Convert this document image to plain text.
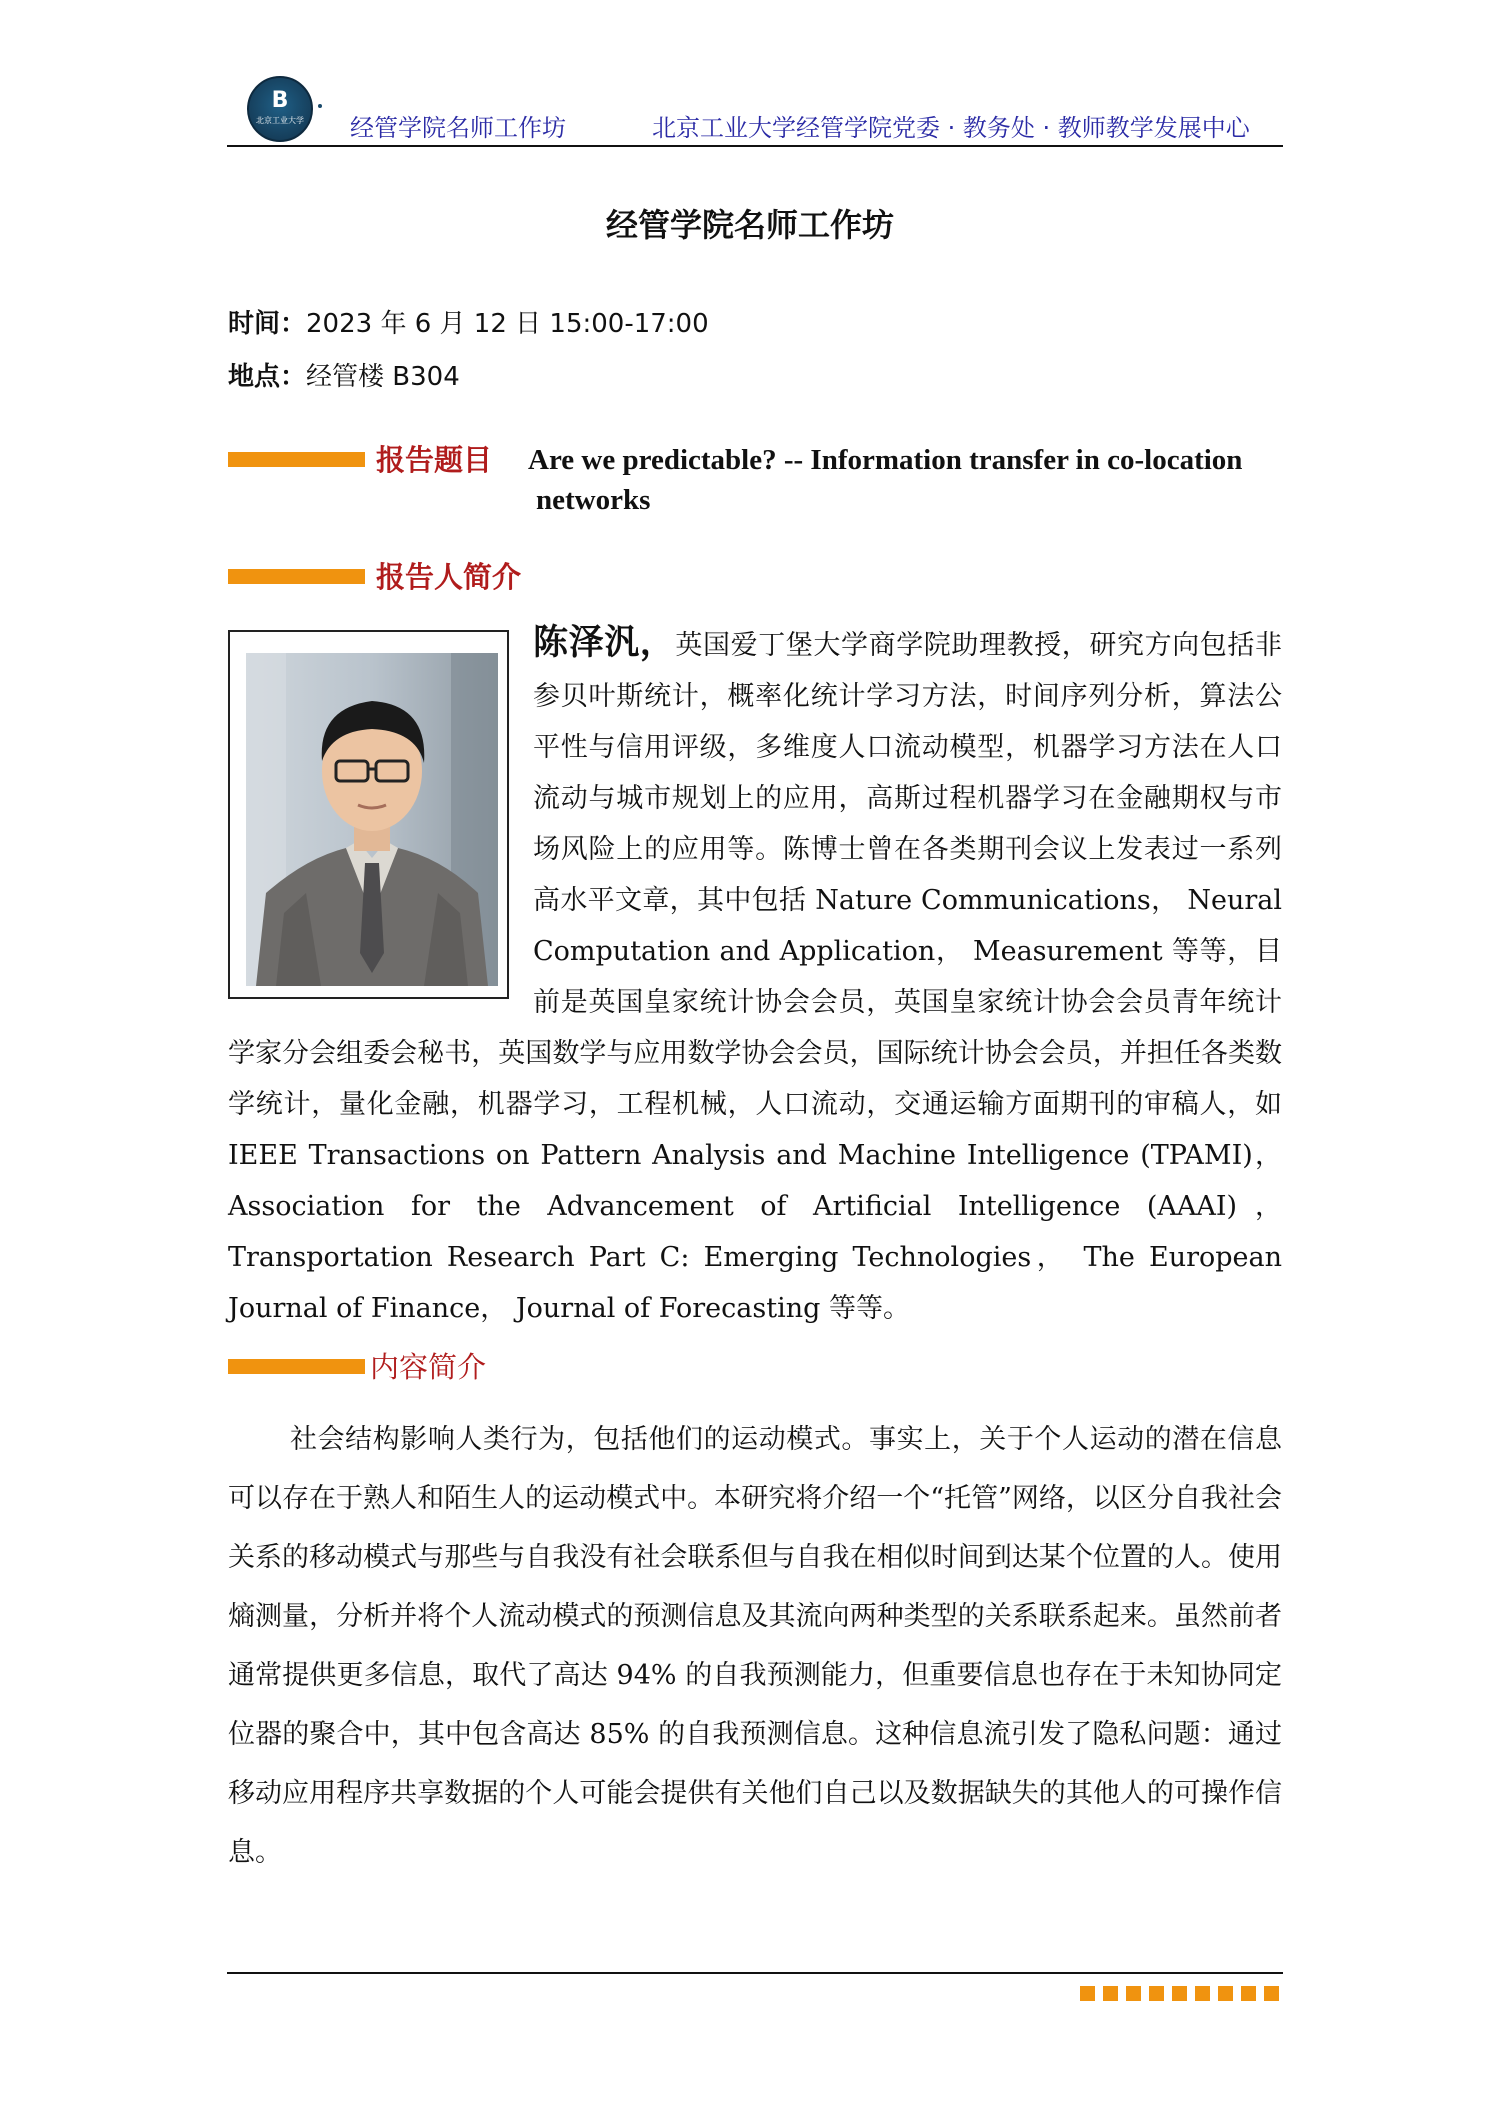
B
北京工业大学 经管学院名师工作坊	北京工业大学经管学院党委 · 教务处 · 教师教学发展中心
经管学院名师工作坊
时间：2023 年 6 月 12 日 15:00-17:00
地点：经管楼 B304
报告题目 Are we predictable? -- Information transfer in co-location
networks
报告人简介
陈泽汎，英国爱丁堡大学商学院助理教授，研究方向包括非参贝叶斯统计，概率化统计学习方法，时间序列分析，算法公平性与信用评级，多维度人口流动模型，机器学习方法在人口流动与城市规划上的应用，高斯过程机器学习在金融期权与市场风险上的应用等。陈博士曾在各类期刊会议上发表过一系列高水平文章，其中包括 Nature Communications， Neural Computation and Application， Measurement 等等，目前是英国皇家统计协会会员，英国皇家统计协会会员青年统计学家分会组委会秘书，英国数学与应用数学协会会员，国际统计协会会员，并担任各类数学统计，量化金融，机器学习，工程机械，人口流动，交通运输方面期刊的审稿人，如 IEEE Transactions on Pattern Analysis and Machine Intelligence (TPAMI)， Association for the Advancement of Artificial Intelligence (AAAI)， Transportation Research Part C: Emerging Technologies， The European Journal of Finance， Journal of Forecasting 等等。
内容简介
社会结构影响人类行为，包括他们的运动模式。事实上，关于个人运动的潜在信息可以存在于熟人和陌生人的运动模式中。本研究将介绍一个“托管”网络，以区分自我社会关系的移动模式与那些与自我没有社会联系但与自我在相似时间到达某个位置的人。使用熵测量，分析并将个人流动模式的预测信息及其流向两种类型的关系联系起来。虽然前者通常提供更多信息，取代了高达 94% 的自我预测能力，但重要信息也存在于未知协同定位器的聚合中，其中包含高达 85% 的自我预测信息。这种信息流引发了隐私问题：通过移动应用程序共享数据的个人可能会提供有关他们自己以及数据缺失的其他人的可操作信息。
